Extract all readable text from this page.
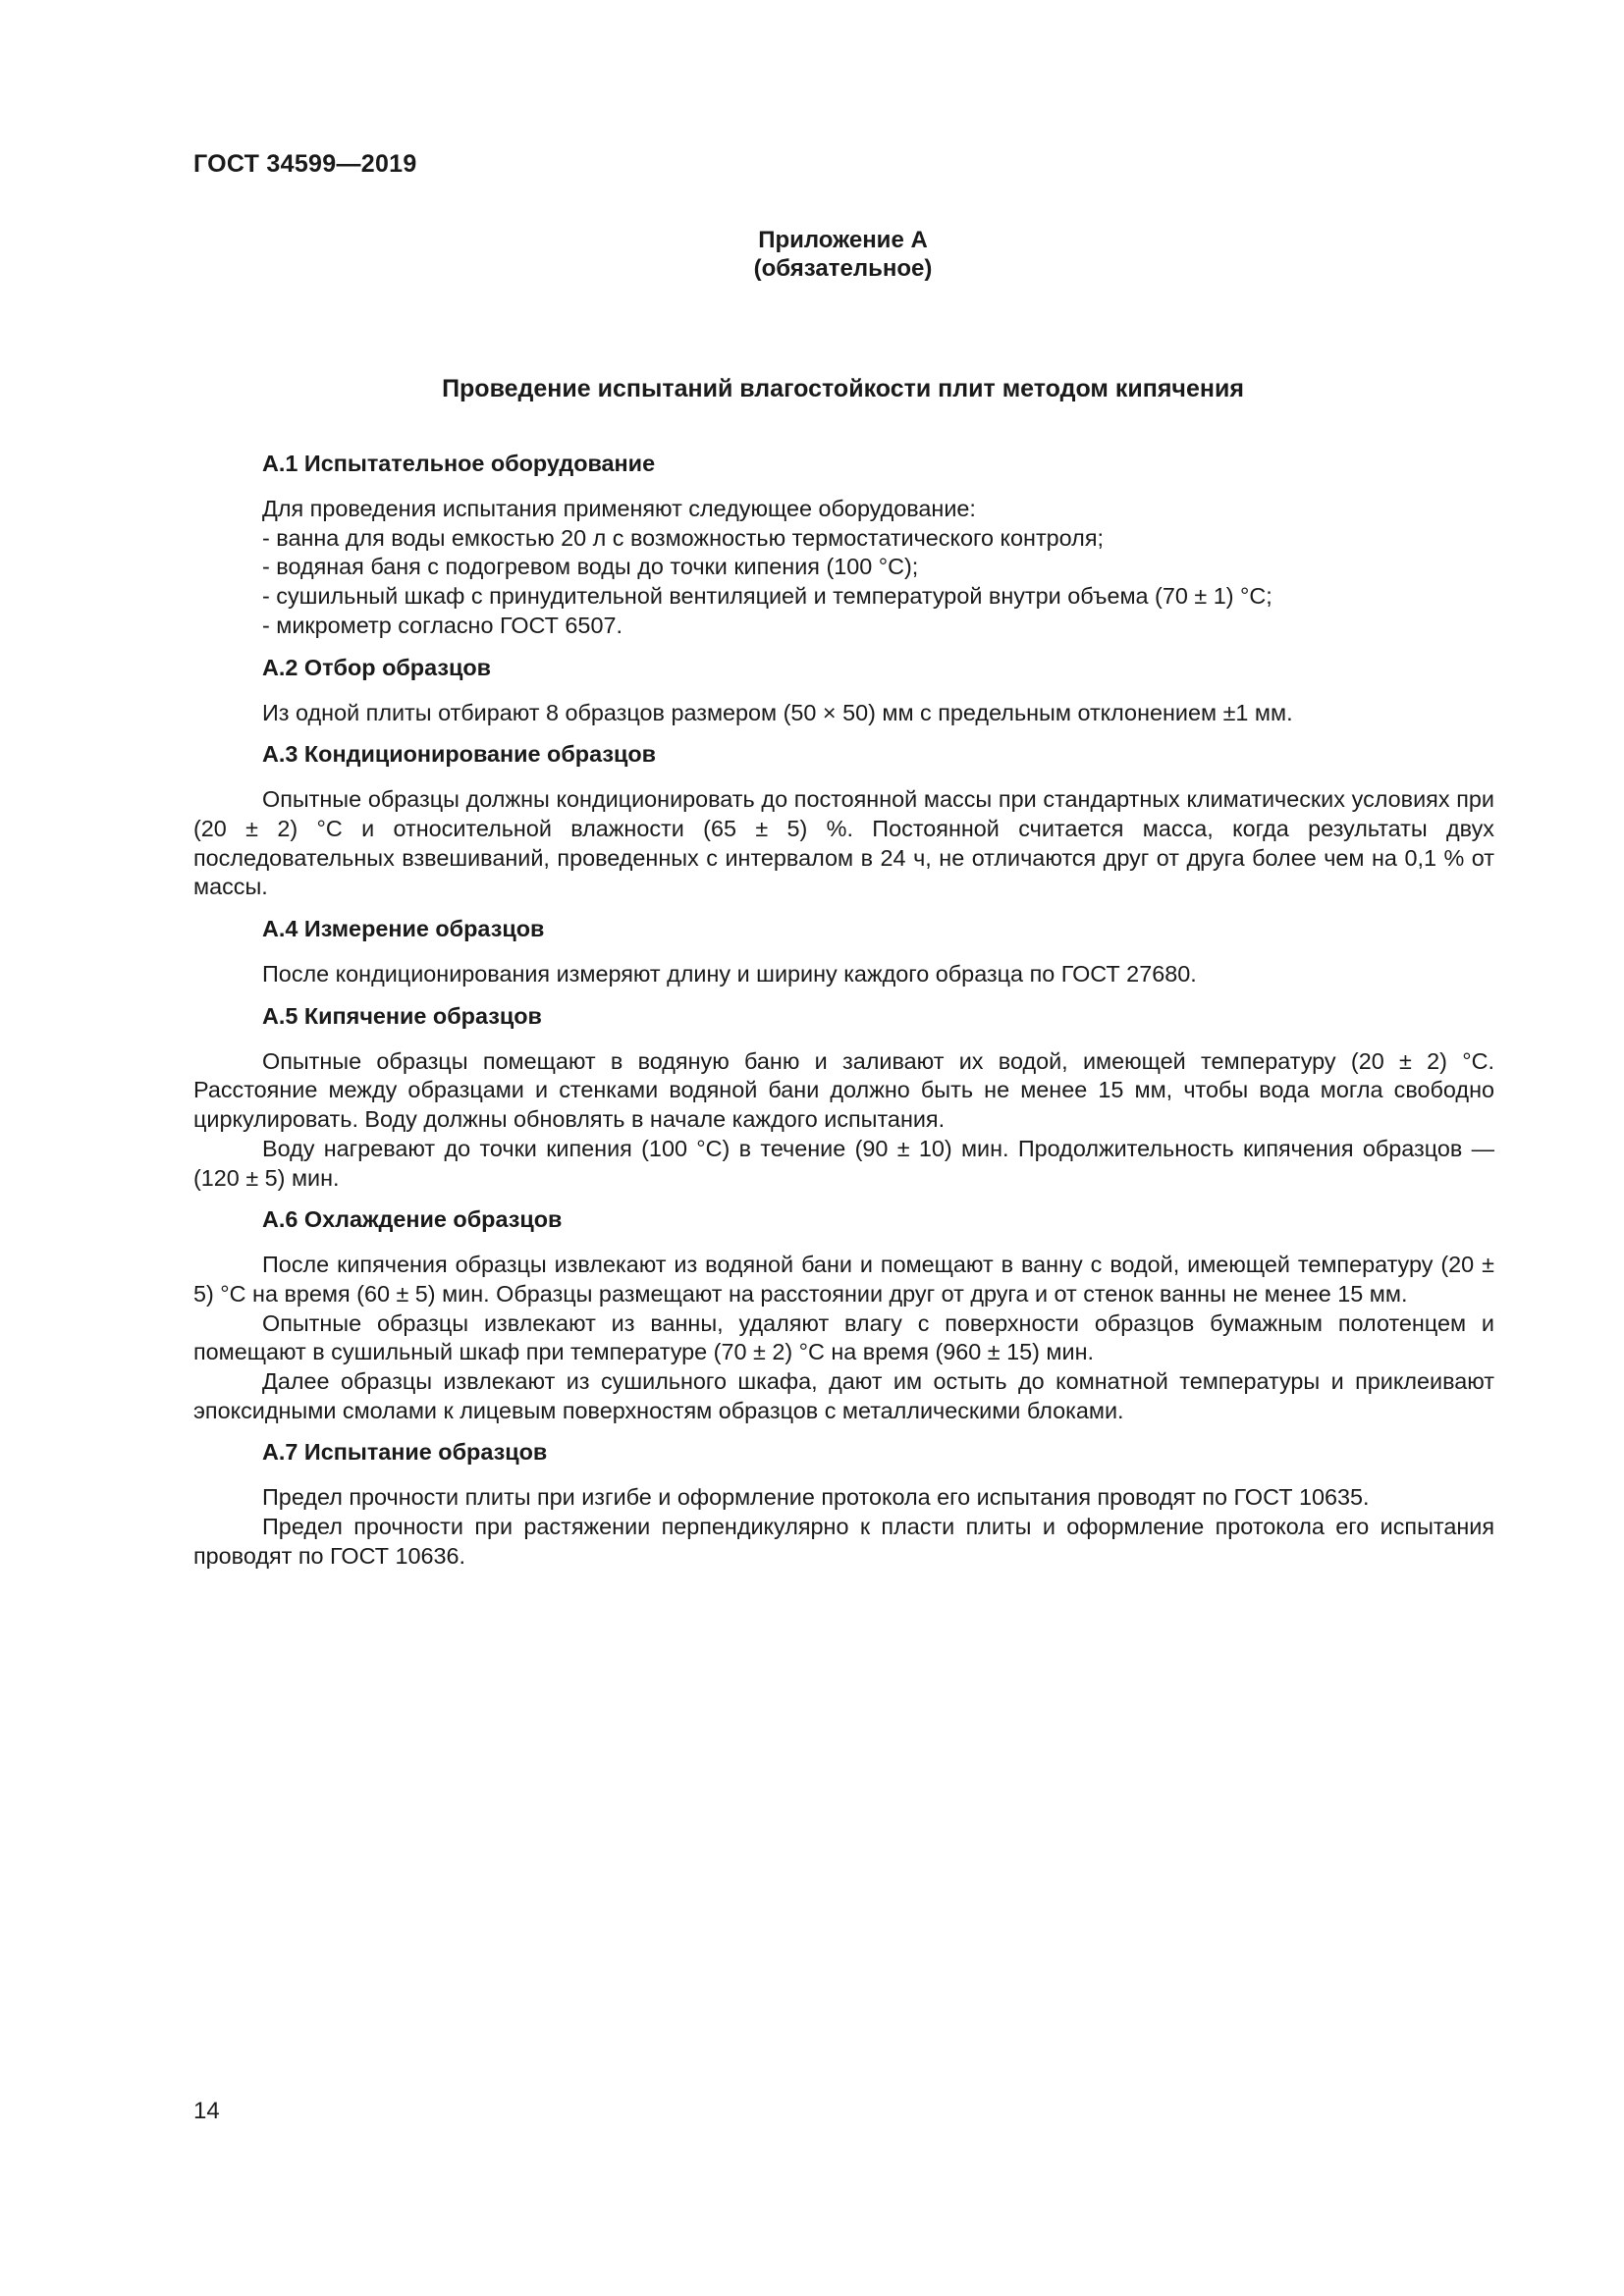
ГОСТ 34599—2019
Приложение А
(обязательное)
Проведение испытаний влагостойкости плит методом кипячения

А.1 Испытательное оборудование

Для проведения испытания применяют следующее оборудование:

- ванна для воды емкостью 20 л с возможностью термостатического контроля;

- водяная баня с подогревом воды до точки кипения (100 °С);

- сушильный шкаф с принудительной вентиляцией и температурой внутри объема (70 ± 1) °С;

- микрометр согласно ГОСТ 6507.

А.2 Отбор образцов

Из одной плиты отбирают 8 образцов размером (50 × 50) мм с предельным отклонением ±1 мм.

А.3 Кондиционирование образцов

Опытные образцы должны кондиционировать до постоянной массы при стандартных климатических условиях при (20 ± 2) °С и относительной влажности (65 ± 5) %. Постоянной считается масса, когда результаты двух последовательных взвешиваний, проведенных с интервалом в 24 ч, не отличаются друг от друга более чем на 0,1 % от массы.

А.4 Измерение образцов

После кондиционирования измеряют длину и ширину каждого образца по ГОСТ 27680.

А.5 Кипячение образцов

Опытные образцы помещают в водяную баню и заливают их водой, имеющей температуру (20 ± 2) °С. Расстояние между образцами и стенками водяной бани должно быть не менее 15 мм, чтобы вода могла свободно циркулировать. Воду должны обновлять в начале каждого испытания.

Воду нагревают до точки кипения (100 °С) в течение (90 ± 10) мин. Продолжительность кипячения образцов — (120 ± 5) мин.

А.6 Охлаждение образцов

После кипячения образцы извлекают из водяной бани и помещают в ванну с водой, имеющей температуру (20 ± 5) °С на время (60 ± 5) мин. Образцы размещают на расстоянии друг от друга и от стенок ванны не менее 15 мм.

Опытные образцы извлекают из ванны, удаляют влагу с поверхности образцов бумажным полотенцем и помещают в сушильный шкаф при температуре (70 ± 2) °С на время (960 ± 15) мин.

Далее образцы извлекают из сушильного шкафа, дают им остыть до комнатной температуры и приклеивают эпоксидными смолами к лицевым поверхностям образцов с металлическими блоками.

А.7 Испытание образцов

Предел прочности плиты при изгибе и оформление протокола его испытания проводят по ГОСТ 10635.

Предел прочности при растяжении перпендикулярно к пласти плиты и оформление протокола его испытания проводят по ГОСТ 10636.

14
